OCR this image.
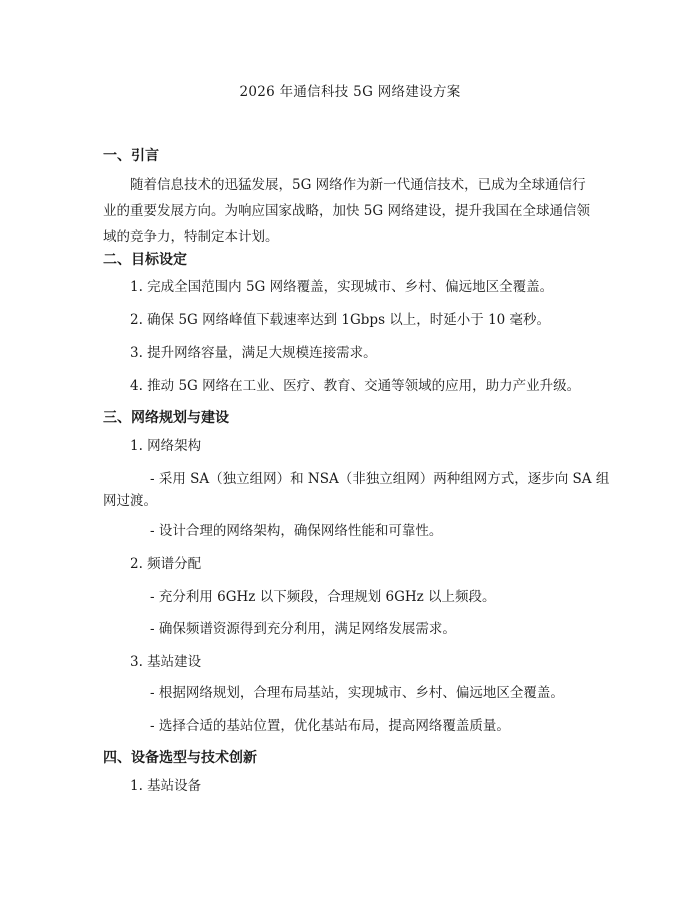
2026 年通信科技 5G 网络建设方案
一、引言
随着信息技术的迅猛发展，5G 网络作为新一代通信技术，已成为全球通信行
业的重要发展方向。为响应国家战略，加快 5G 网络建设，提升我国在全球通信领
域的竞争力，特制定本计划。
二、目标设定
1. 完成全国范围内 5G 网络覆盖，实现城市、乡村、偏远地区全覆盖。
2. 确保 5G 网络峰值下载速率达到 1Gbps 以上，时延小于 10 毫秒。
3. 提升网络容量，满足大规模连接需求。
4. 推动 5G 网络在工业、医疗、教育、交通等领域的应用，助力产业升级。
三、网络规划与建设
1. 网络架构
- 采用 SA（独立组网）和 NSA（非独立组网）两种组网方式，逐步向 SA 组
网过渡。
- 设计合理的网络架构，确保网络性能和可靠性。
2. 频谱分配
- 充分利用 6GHz 以下频段，合理规划 6GHz 以上频段。
- 确保频谱资源得到充分利用，满足网络发展需求。
3. 基站建设
- 根据网络规划，合理布局基站，实现城市、乡村、偏远地区全覆盖。
- 选择合适的基站位置，优化基站布局，提高网络覆盖质量。
四、设备选型与技术创新
1. 基站设备
